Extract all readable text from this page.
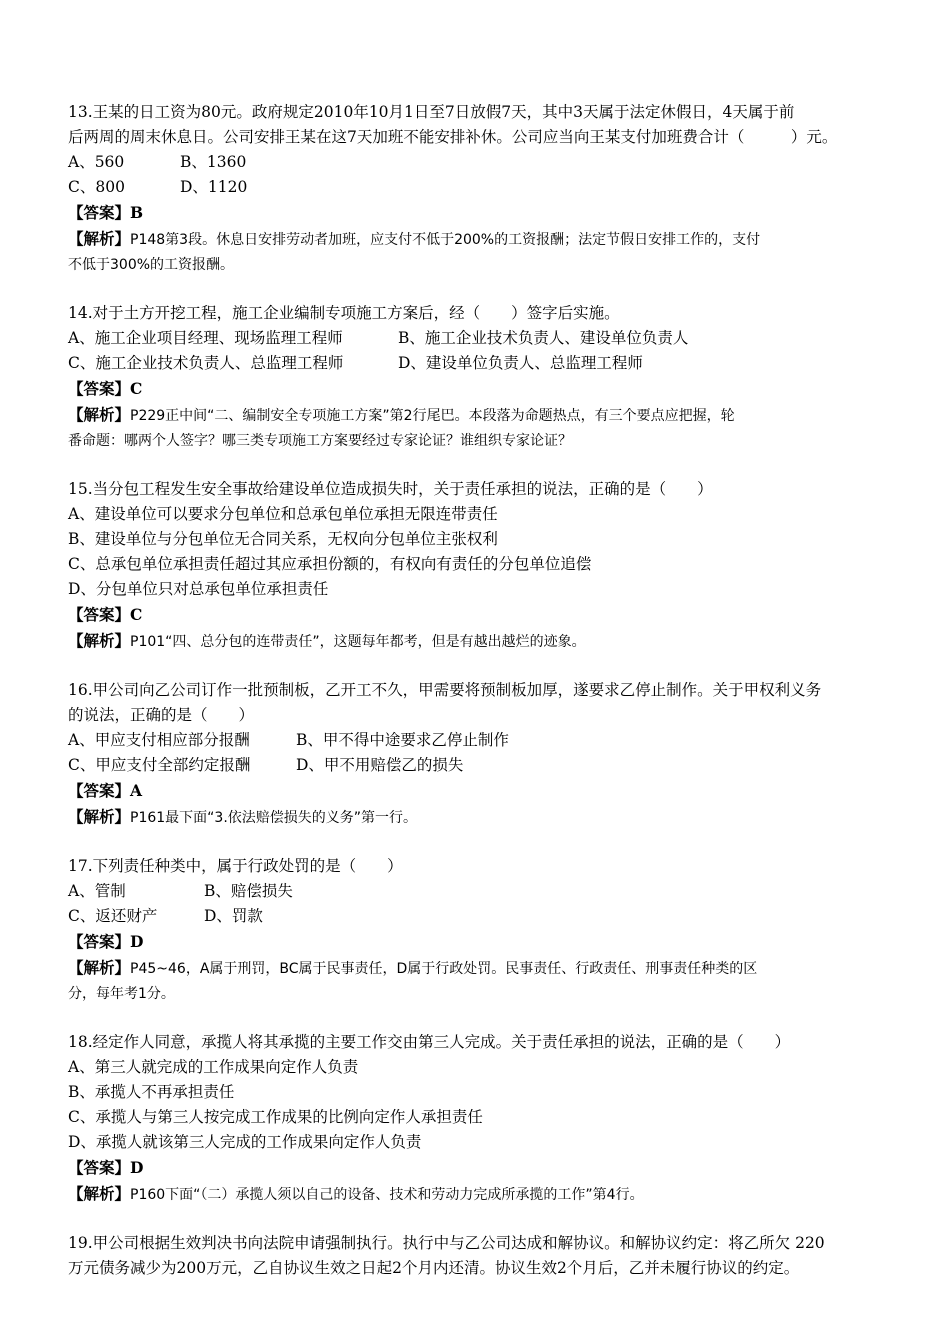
13.王某的日工资为80元。政府规定2010年10月1日至7日放假7天，其中3天属于法定休假日，4天属于前
后两周的周末休息日。公司安排王某在这7天加班不能安排补休。公司应当向王某支付加班费合计（　　　）元。
A、560	B、1360
C、800	D、1120
【答案】B
【解析】P148第3段。休息日安排劳动者加班，应支付不低于200%的工资报酬；法定节假日安排工作的，支付
不低于300%的工资报酬。
14.对于土方开挖工程，施工企业编制专项施工方案后，经（　　）签字后实施。
A、施工企业项目经理、现场监理工程师	B、施工企业技术负责人、建设单位负责人
C、施工企业技术负责人、总监理工程师	D、建设单位负责人、总监理工程师
【答案】C
【解析】P229正中间“二、编制安全专项施工方案”第2行尾巴。本段落为命题热点，有三个要点应把握，轮
番命题：哪两个人签字？哪三类专项施工方案要经过专家论证？谁组织专家论证？
15.当分包工程发生安全事故给建设单位造成损失时，关于责任承担的说法，正确的是（　　）
A、建设单位可以要求分包单位和总承包单位承担无限连带责任
B、建设单位与分包单位无合同关系，无权向分包单位主张权利
C、总承包单位承担责任超过其应承担份额的，有权向有责任的分包单位追偿
D、分包单位只对总承包单位承担责任
【答案】C
【解析】P101“四、总分包的连带责任”，这题每年都考，但是有越出越烂的迹象。
16.甲公司向乙公司订作一批预制板，乙开工不久，甲需要将预制板加厚，遂要求乙停止制作。关于甲权利义务
的说法，正确的是（　　）
A、甲应支付相应部分报酬	B、甲不得中途要求乙停止制作
C、甲应支付全部约定报酬	D、甲不用赔偿乙的损失
【答案】A
【解析】P161最下面“3.依法赔偿损失的义务”第一行。
17.下列责任种类中，属于行政处罚的是（　　）
A、管制	B、赔偿损失
C、返还财产	D、罚款
【答案】D
【解析】P45~46，A属于刑罚，BC属于民事责任，D属于行政处罚。民事责任、行政责任、刑事责任种类的区
分，每年考1分。
18.经定作人同意，承揽人将其承揽的主要工作交由第三人完成。关于责任承担的说法，正确的是（　　）
A、第三人就完成的工作成果向定作人负责
B、承揽人不再承担责任
C、承揽人与第三人按完成工作成果的比例向定作人承担责任
D、承揽人就该第三人完成的工作成果向定作人负责
【答案】D
【解析】P160下面“（二）承揽人须以自己的设备、技术和劳动力完成所承揽的工作”第4行。
19.甲公司根据生效判决书向法院申请强制执行。执行中与乙公司达成和解协议。和解协议约定：将乙所欠 220
万元债务减少为200万元，乙自协议生效之日起2个月内还清。协议生效2个月后，乙并未履行协议的约定。
